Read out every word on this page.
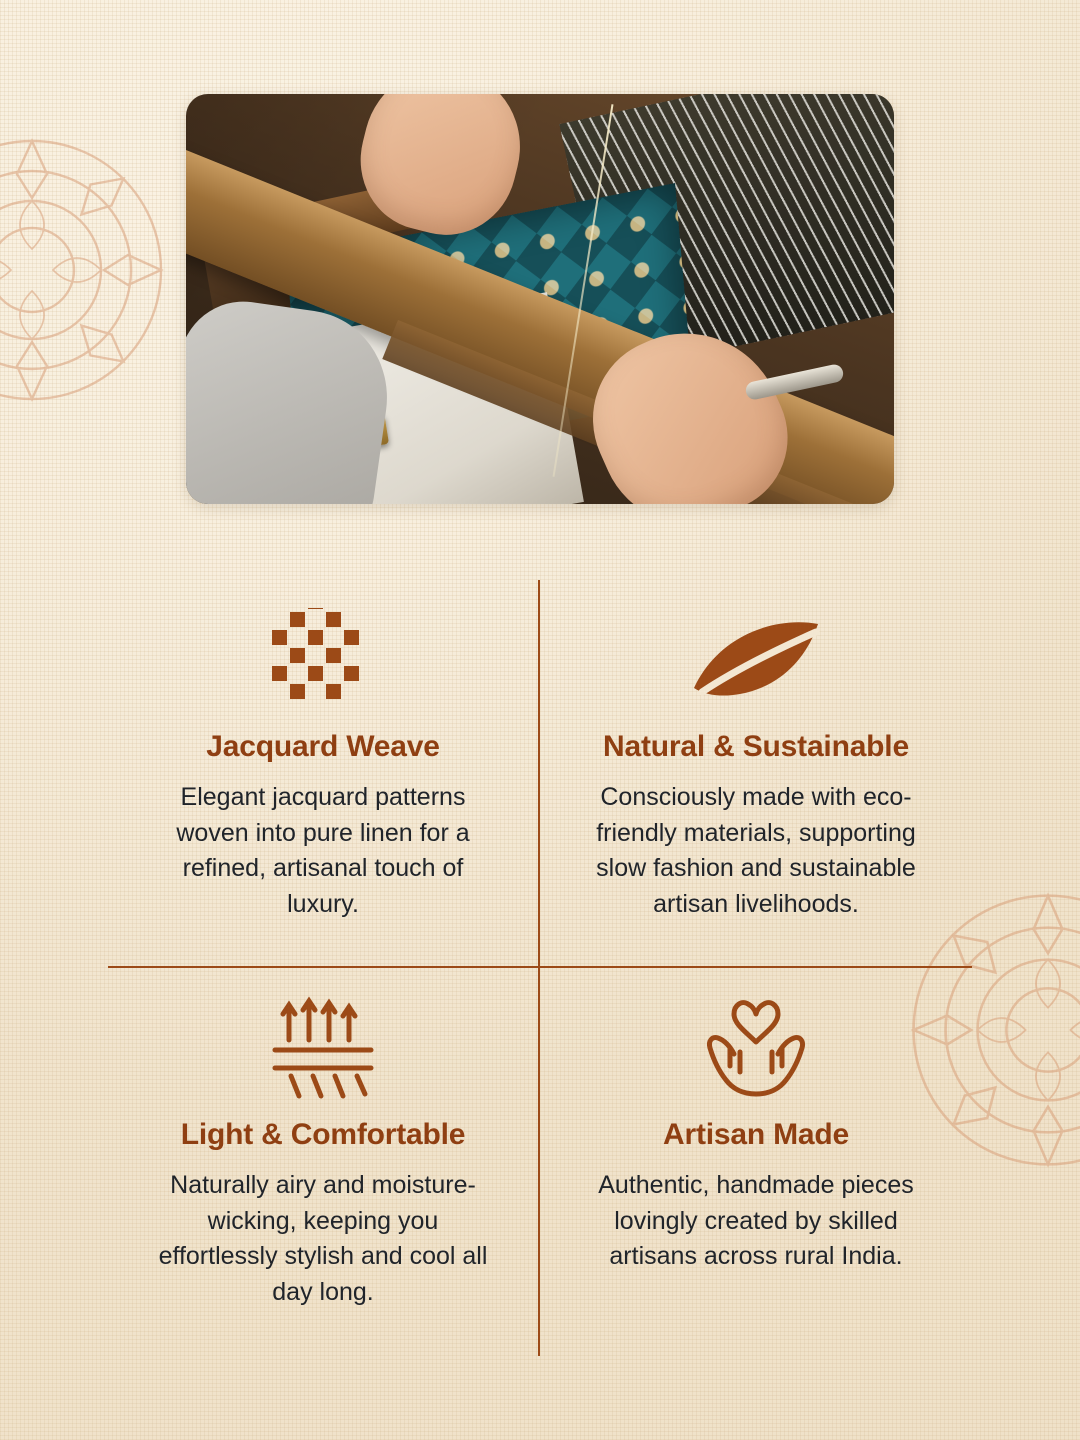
Jacquard Weave
Elegant jacquard patterns woven into pure linen for a refined, artisanal touch of luxury.
Natural & Sustainable
Consciously made with eco-friendly materials, supporting slow fashion and sustainable artisan livelihoods.
Light & Comfortable
Naturally airy and moisture-wicking, keeping you effortlessly stylish and cool all day long.
Artisan Made
Authentic, handmade pieces lovingly created by skilled artisans across rural India.
